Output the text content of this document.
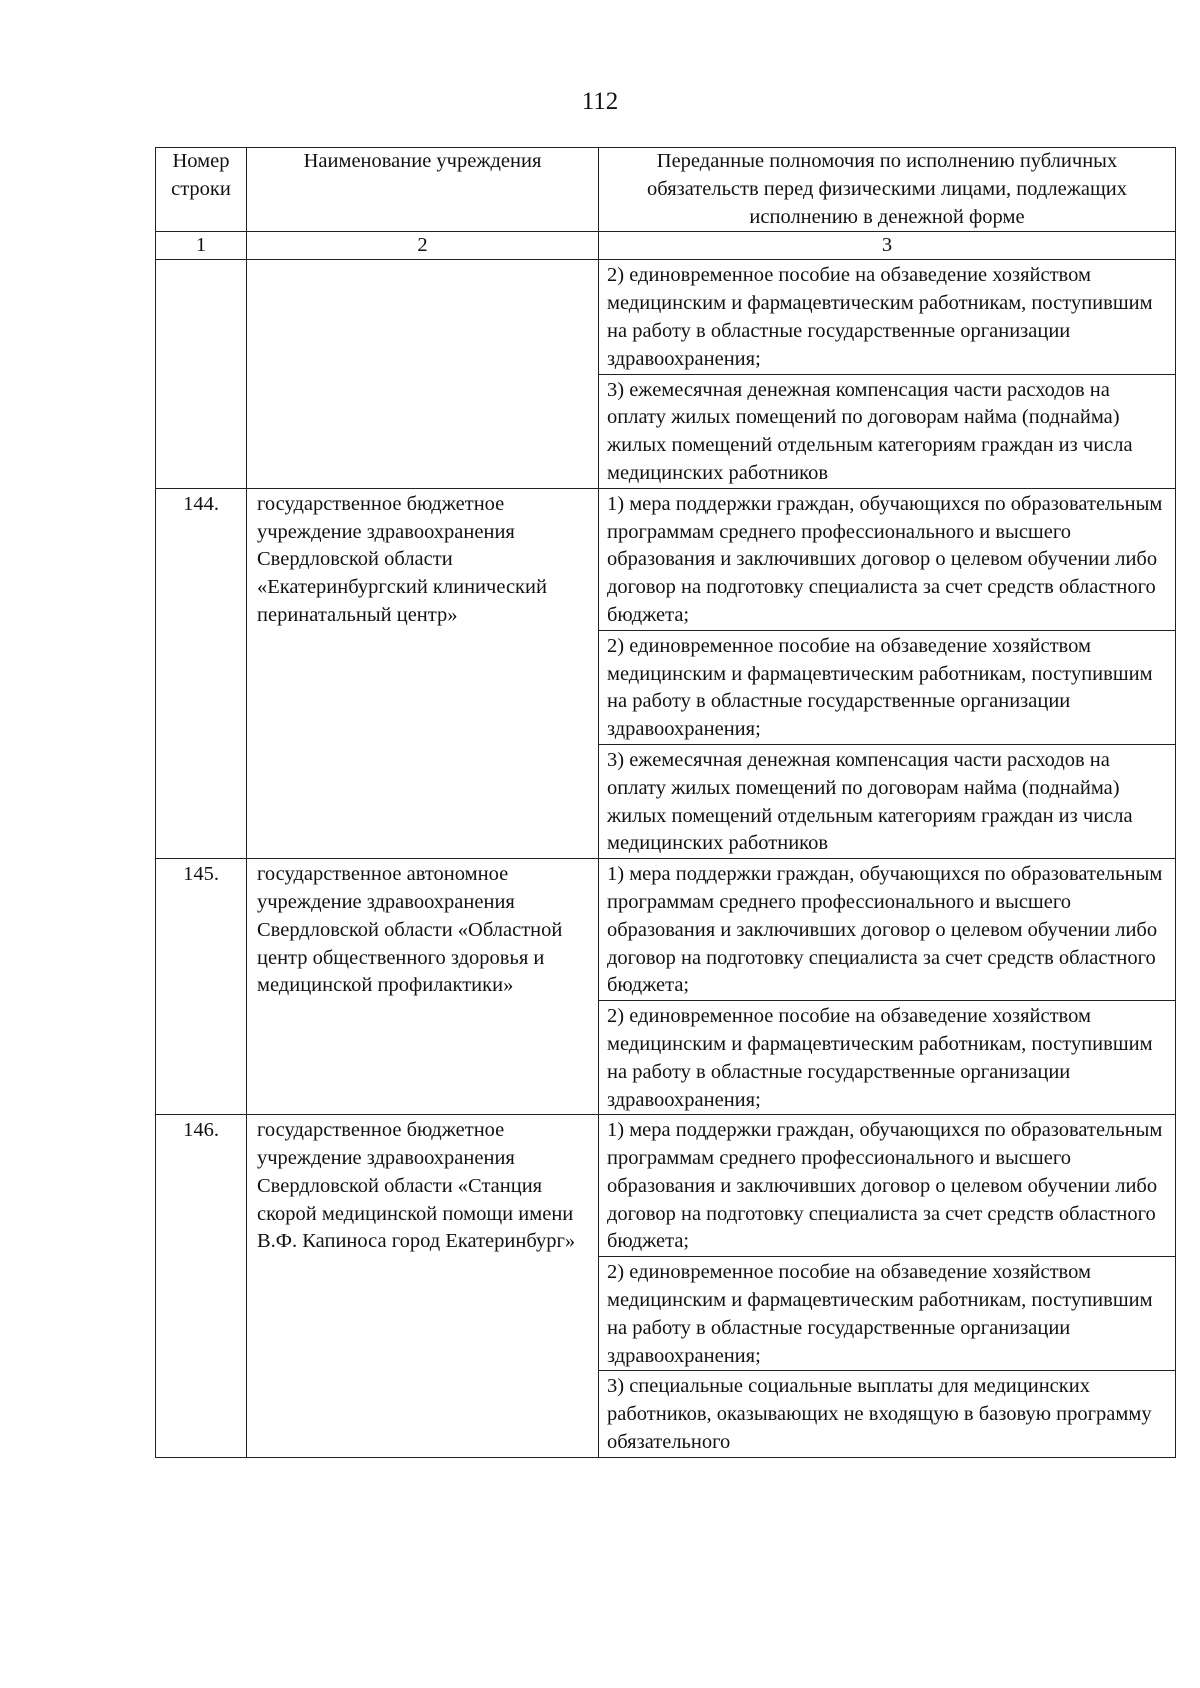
112
Номер строки	Наименование учреждения	Переданные полномочия по исполнению публичных обязательств перед физическими лицами, подлежащих исполнению в денежной форме
1	2	3

		2) единовременное пособие на обзаведение хозяйством медицинским и фармацевтическим работникам, поступившим на работу в областные государственные организации здравоохранения;
3) ежемесячная денежная компенсация части расходов на оплату жилых помещений по договорам найма (поднайма) жилых помещений отдельным категориям граждан из числа медицинских работников

144.	государственное бюджетное учреждение здравоохранения Свердловской области «Екатеринбургский клинический перинатальный центр»	1) мера поддержки граждан, обучающихся по образовательным программам среднего профессионального и высшего образования и заключивших договор о целевом обучении либо договор на подготовку специалиста за счет средств областного бюджета;
2) единовременное пособие на обзаведение хозяйством медицинским и фармацевтическим работникам, поступившим на работу в областные государственные организации здравоохранения;
3) ежемесячная денежная компенсация части расходов на оплату жилых помещений по договорам найма (поднайма) жилых помещений отдельным категориям граждан из числа медицинских работников

145.	государственное автономное учреждение здравоохранения Свердловской области «Областной центр общественного здоровья и медицинской профилактики»	1) мера поддержки граждан, обучающихся по образовательным программам среднего профессионального и высшего образования и заключивших договор о целевом обучении либо договор на подготовку специалиста за счет средств областного бюджета;
2) единовременное пособие на обзаведение хозяйством медицинским и фармацевтическим работникам, поступившим на работу в областные государственные организации здравоохранения;

146.	государственное бюджетное учреждение здравоохранения Свердловской области «Станция скорой медицинской помощи имени В.Ф. Капиноса город Екатеринбург»	1) мера поддержки граждан, обучающихся по образовательным программам среднего профессионального и высшего образования и заключивших договор о целевом обучении либо договор на подготовку специалиста за счет средств областного бюджета;
2) единовременное пособие на обзаведение хозяйством медицинским и фармацевтическим работникам, поступившим на работу в областные государственные организации здравоохранения;
3) специальные социальные выплаты для медицинских работников, оказывающих не входящую в базовую программу обязательного
